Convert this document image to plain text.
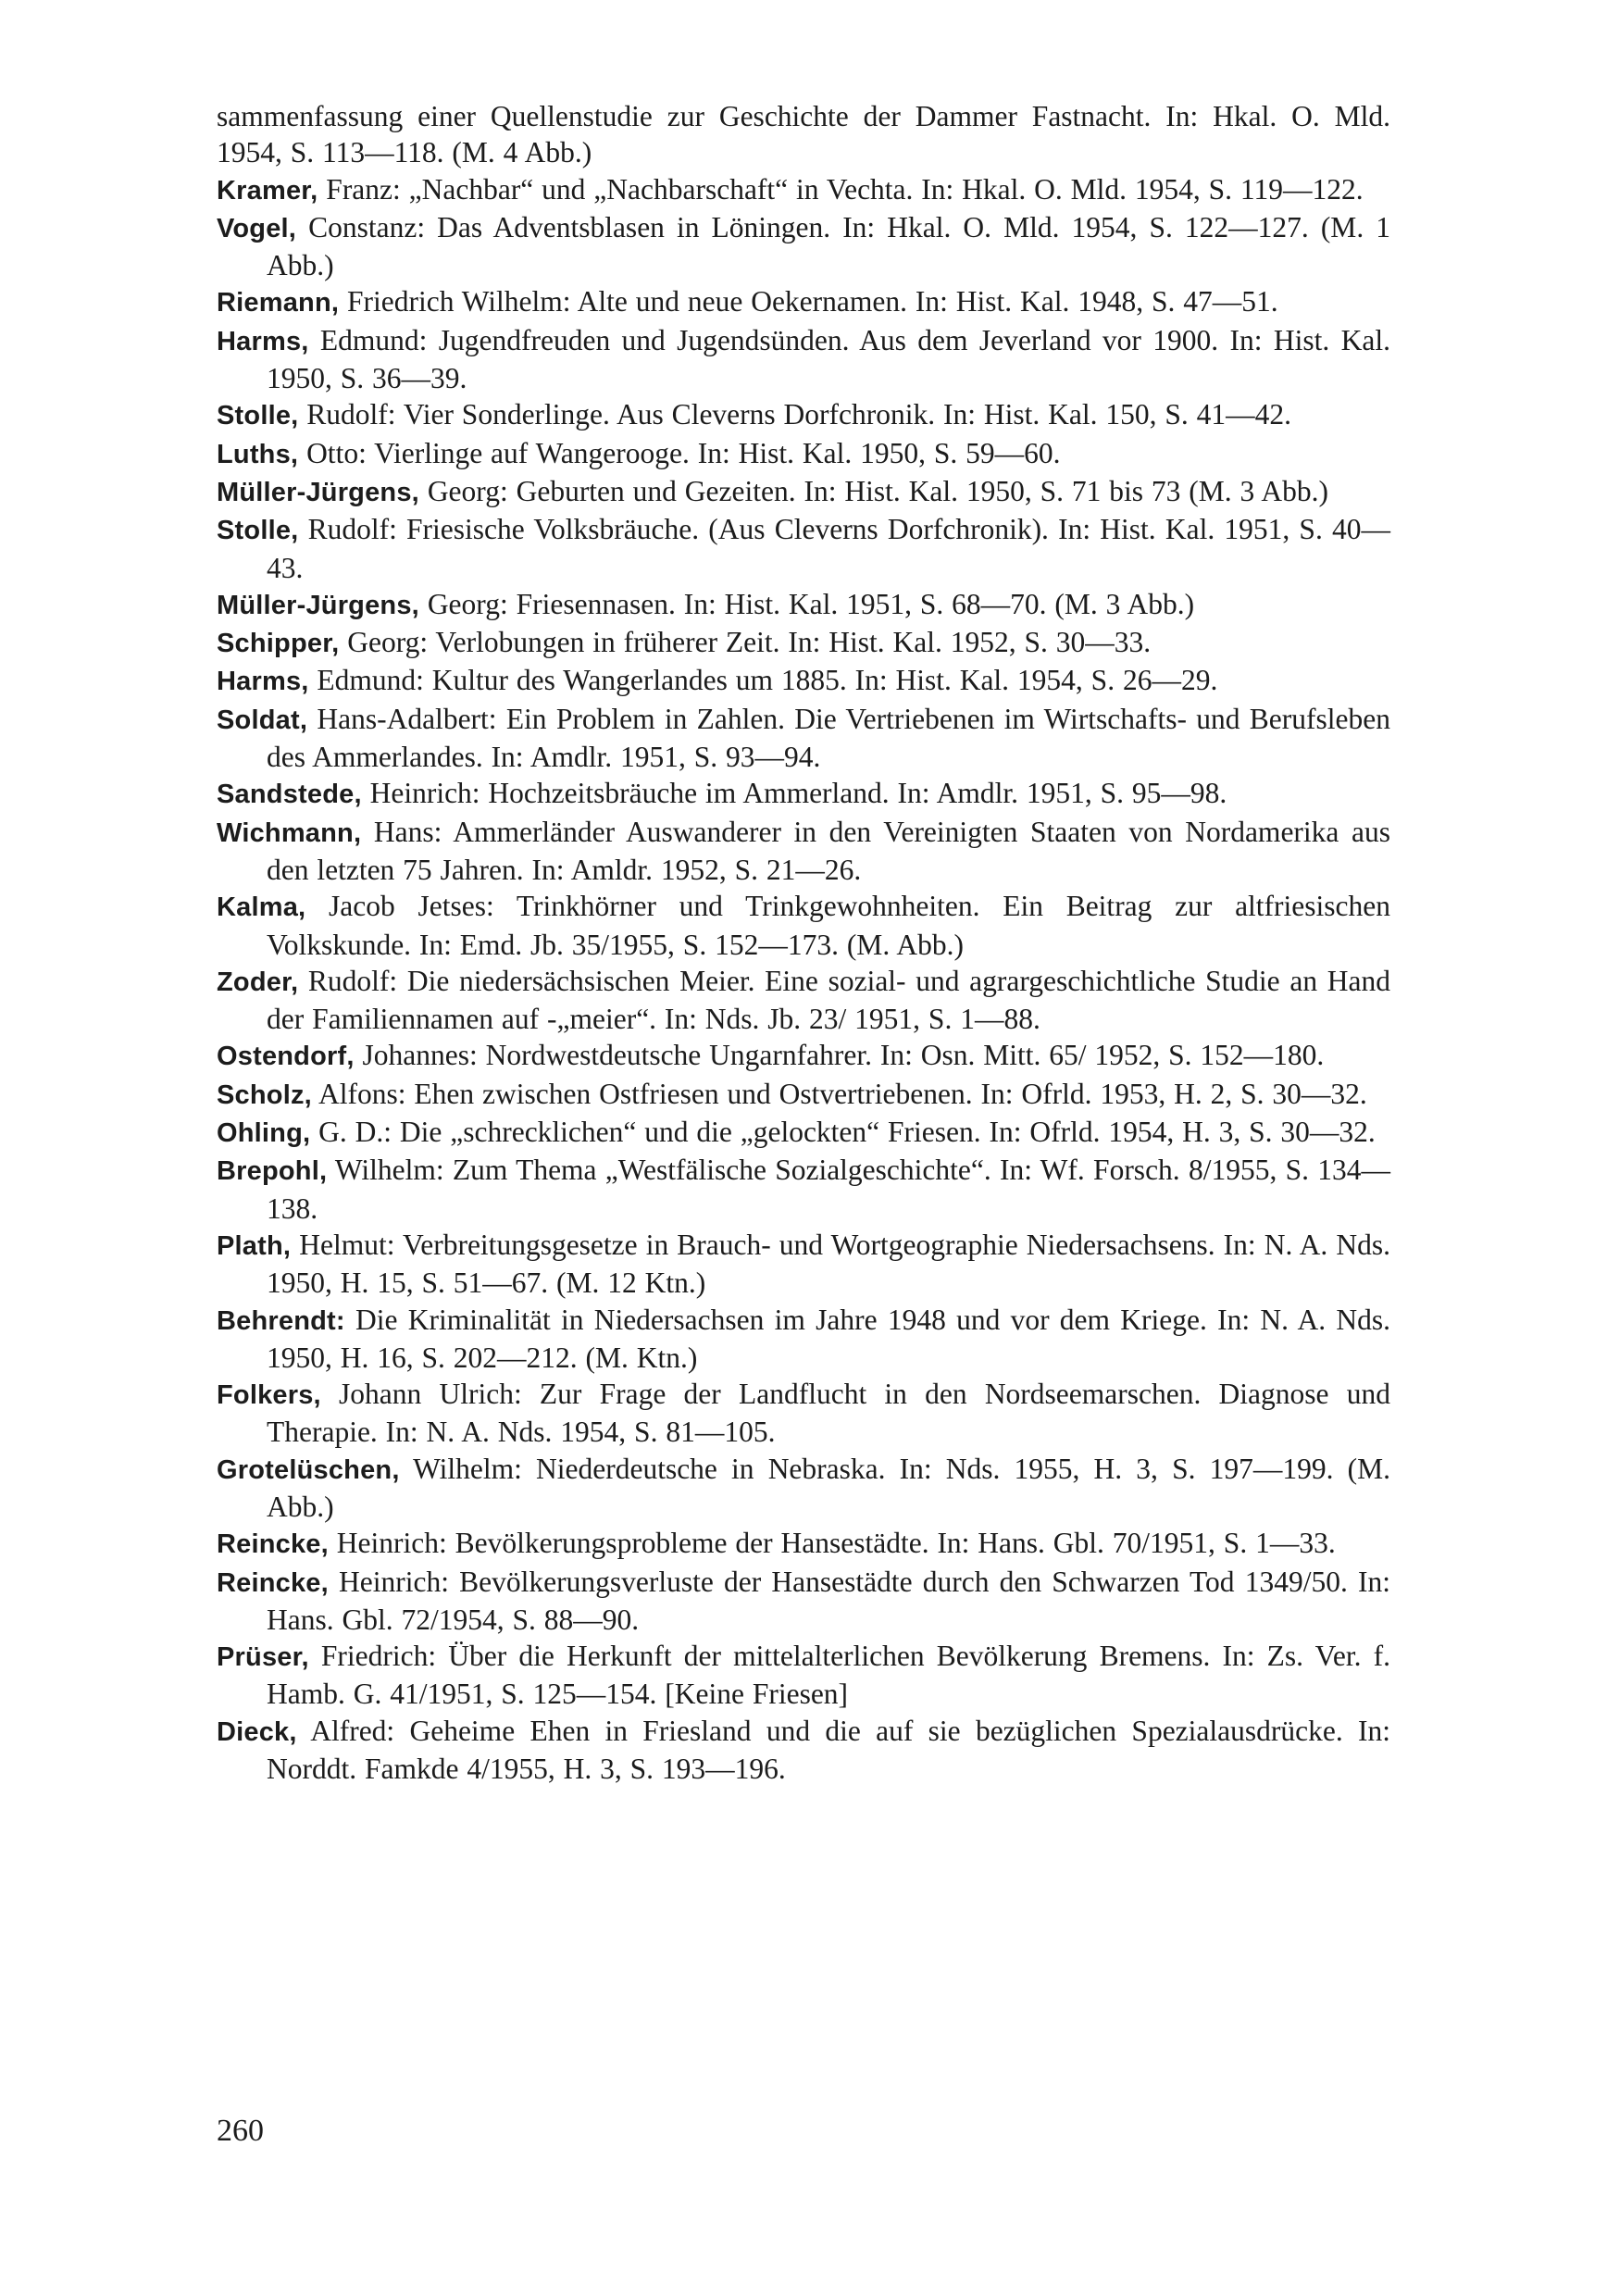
sammenfassung einer Quellenstudie zur Geschichte der Dammer Fastnacht. In: Hkal. O. Mld. 1954, S. 113—118. (M. 4 Abb.)

Kramer, Franz: „Nachbar“ und „Nachbarschaft“ in Vechta. In: Hkal. O. Mld. 1954, S. 119—122.

Vogel, Constanz: Das Adventsblasen in Löningen. In: Hkal. O. Mld. 1954, S. 122—127. (M. 1 Abb.)

Riemann, Friedrich Wilhelm: Alte und neue Oekernamen. In: Hist. Kal. 1948, S. 47—51.

Harms, Edmund: Jugendfreuden und Jugendsünden. Aus dem Jeverland vor 1900. In: Hist. Kal. 1950, S. 36—39.

Stolle, Rudolf: Vier Sonderlinge. Aus Cleverns Dorfchronik. In: Hist. Kal. 150, S. 41—42.

Luths, Otto: Vierlinge auf Wangerooge. In: Hist. Kal. 1950, S. 59—60.

Müller-Jürgens, Georg: Geburten und Gezeiten. In: Hist. Kal. 1950, S. 71 bis 73 (M. 3 Abb.)

Stolle, Rudolf: Friesische Volksbräuche. (Aus Cleverns Dorfchronik). In: Hist. Kal. 1951, S. 40—43.

Müller-Jürgens, Georg: Friesennasen. In: Hist. Kal. 1951, S. 68—70. (M. 3 Abb.)

Schipper, Georg: Verlobungen in früherer Zeit. In: Hist. Kal. 1952, S. 30—33.

Harms, Edmund: Kultur des Wangerlandes um 1885. In: Hist. Kal. 1954, S. 26—29.

Soldat, Hans-Adalbert: Ein Problem in Zahlen. Die Vertriebenen im Wirtschafts- und Berufsleben des Ammerlandes. In: Amdlr. 1951, S. 93—94.

Sandstede, Heinrich: Hochzeitsbräuche im Ammerland. In: Amdlr. 1951, S. 95—98.

Wichmann, Hans: Ammerländer Auswanderer in den Vereinigten Staaten von Nordamerika aus den letzten 75 Jahren. In: Amldr. 1952, S. 21—26.

Kalma, Jacob Jetses: Trinkhörner und Trinkgewohnheiten. Ein Beitrag zur altfriesischen Volkskunde. In: Emd. Jb. 35/1955, S. 152—173. (M. Abb.)

Zoder, Rudolf: Die niedersächsischen Meier. Eine sozial- und agrargeschichtliche Studie an Hand der Familiennamen auf -„meier“. In: Nds. Jb. 23/ 1951, S. 1—88.

Ostendorf, Johannes: Nordwestdeutsche Ungarnfahrer. In: Osn. Mitt. 65/ 1952, S. 152—180.

Scholz, Alfons: Ehen zwischen Ostfriesen und Ostvertriebenen. In: Ofrld. 1953, H. 2, S. 30—32.

Ohling, G. D.: Die „schrecklichen“ und die „gelockten“ Friesen. In: Ofrld. 1954, H. 3, S. 30—32.

Brepohl, Wilhelm: Zum Thema „Westfälische Sozialgeschichte“. In: Wf. Forsch. 8/1955, S. 134—138.

Plath, Helmut: Verbreitungsgesetze in Brauch- und Wortgeographie Niedersachsens. In: N. A. Nds. 1950, H. 15, S. 51—67. (M. 12 Ktn.)

Behrendt: Die Kriminalität in Niedersachsen im Jahre 1948 und vor dem Kriege. In: N. A. Nds. 1950, H. 16, S. 202—212. (M. Ktn.)

Folkers, Johann Ulrich: Zur Frage der Landflucht in den Nordseemarschen. Diagnose und Therapie. In: N. A. Nds. 1954, S. 81—105.

Grotelüschen, Wilhelm: Niederdeutsche in Nebraska. In: Nds. 1955, H. 3, S. 197—199. (M. Abb.)

Reincke, Heinrich: Bevölkerungsprobleme der Hansestädte. In: Hans. Gbl. 70/1951, S. 1—33.

Reincke, Heinrich: Bevölkerungsverluste der Hansestädte durch den Schwarzen Tod 1349/50. In: Hans. Gbl. 72/1954, S. 88—90.

Prüser, Friedrich: Über die Herkunft der mittelalterlichen Bevölkerung Bremens. In: Zs. Ver. f. Hamb. G. 41/1951, S. 125—154. [Keine Friesen]

Dieck, Alfred: Geheime Ehen in Friesland und die auf sie bezüglichen Spezialausdrücke. In: Norddt. Famkde 4/1955, H. 3, S. 193—196.

260
